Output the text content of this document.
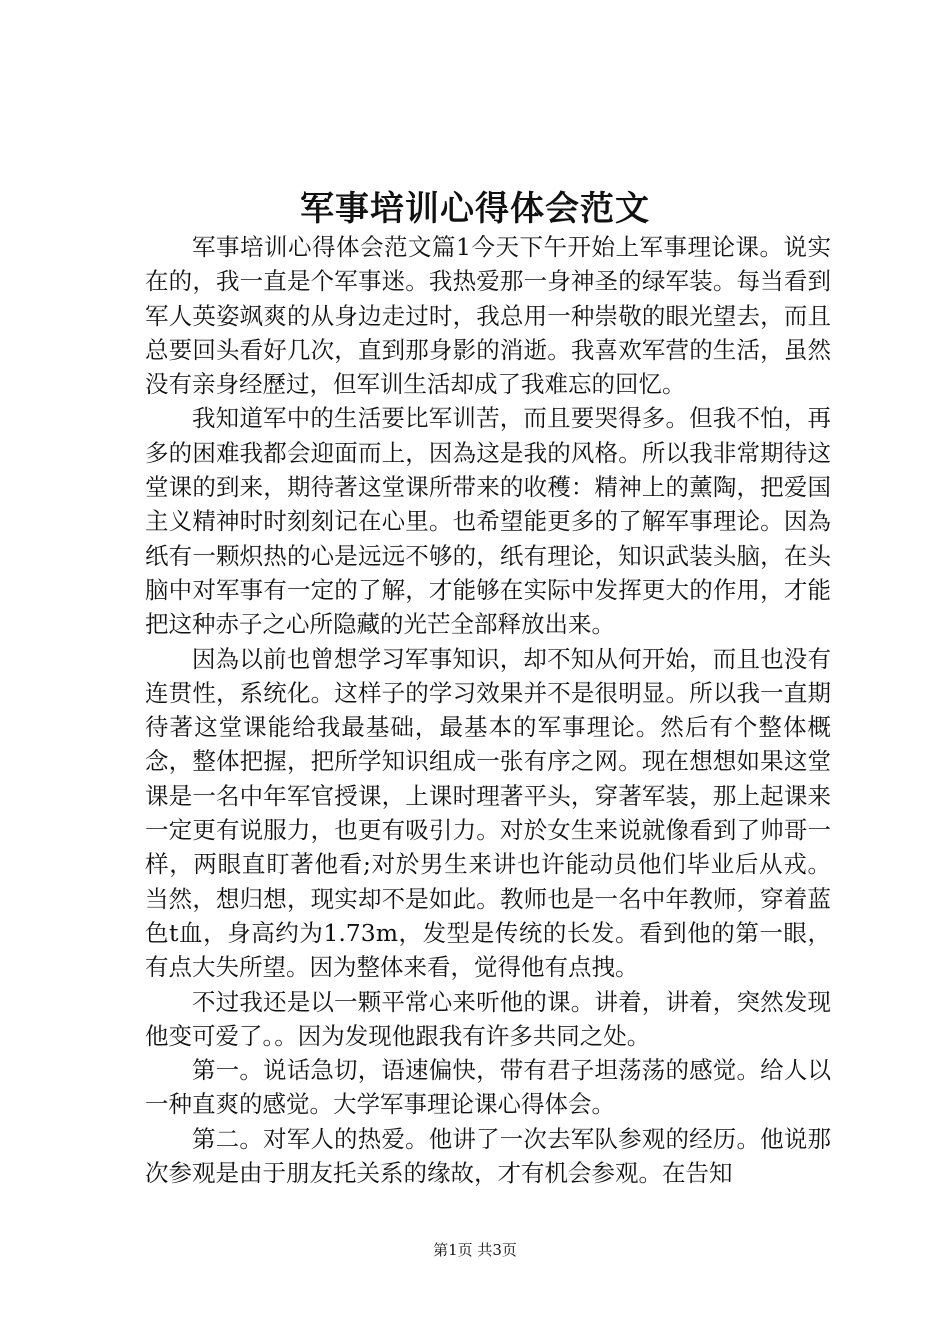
军事培训心得体会范文

军事培训心得体会范文篇1今天下午开始上军事理论课。说实在的，我一直是个军事迷。我热爱那一身神圣的绿军装。每当看到军人英姿飒爽的从身边走过时，我总用一种崇敬的眼光望去，而且总要回头看好几次，直到那身影的消逝。我喜欢军营的生活，虽然没有亲身经歷过，但军训生活却成了我难忘的回忆。

我知道军中的生活要比军训苦，而且要哭得多。但我不怕，再多的困难我都会迎面而上，因為这是我的风格。所以我非常期待这堂课的到来，期待著这堂课所带来的收穫：精神上的薰陶，把爱国主义精神时时刻刻记在心里。也希望能更多的了解军事理论。因為纸有一颗炽热的心是远远不够的，纸有理论，知识武装头脑，在头脑中对军事有一定的了解，才能够在实际中发挥更大的作用，才能把这种赤子之心所隐藏的光芒全部释放出来。

因為以前也曾想学习军事知识，却不知从何开始，而且也没有连贯性，系统化。这样子的学习效果并不是很明显。所以我一直期待著这堂课能给我最基础，最基本的军事理论。然后有个整体概念，整体把握，把所学知识组成一张有序之网。现在想想如果这堂课是一名中年军官授课，上课时理著平头，穿著军装，那上起课来一定更有说服力，也更有吸引力。对於女生来说就像看到了帅哥一样，两眼直盯著他看;对於男生来讲也许能动员他们毕业后从戎。当然，想归想，现实却不是如此。教师也是一名中年教师，穿着蓝色t血，身高约为1.73m，发型是传统的长发。看到他的第一眼，有点大失所望。因为整体来看，觉得他有点拽。

不过我还是以一颗平常心来听他的课。讲着，讲着，突然发现他变可爱了。。因为发现他跟我有许多共同之处。

第一。说话急切，语速偏快，带有君子坦荡荡的感觉。给人以一种直爽的感觉。大学军事理论课心得体会。

第二。对军人的热爱。他讲了一次去军队参观的经历。他说那次参观是由于朋友托关系的缘故，才有机会参观。在告知

第1页 共3页
